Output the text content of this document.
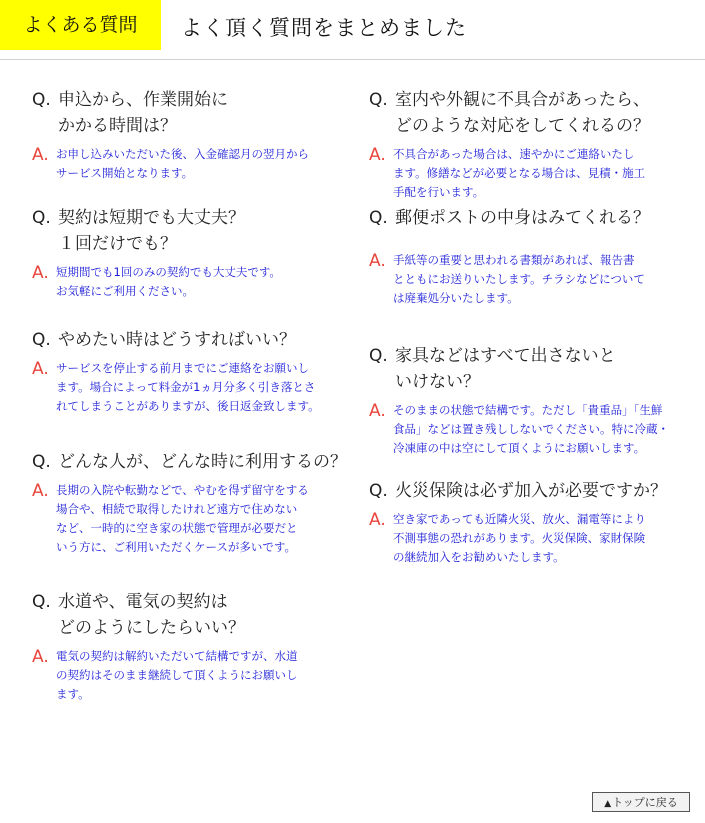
よくある質問	よく頂く質問をまとめました
Q. 申込から、作業開始に
かかる時間は？
A. お申し込みいただいた後、入金確認月の翌月から
サービス開始となります。
Q. 契約は短期でも大丈夫？
１回だけでも？
A. 短期間でも1回のみの契約でも大丈夫です。
お気軽にご利用ください。
Q. やめたい時はどうすればいい？
A. サービスを停止する前月までにご連絡をお願いし
ます。場合によって料金が1ヵ月分多く引き落とさ
れてしまうことがありますが、後日返金致します。
Q. どんな人が、どんな時に利用するの？
A. 長期の入院や転勤などで、やむを得ず留守をする
場合や、相続で取得したけれど遠方で住めない
など、一時的に空き家の状態で管理が必要だと
いう方に、ご利用いただくケースが多いです。
Q. 水道や、電気の契約は
どのようにしたらいい？
A. 電気の契約は解約いただいて結構ですが、水道
の契約はそのまま継続して頂くようにお願いし
ます。
Q. 室内や外観に不具合があったら、
どのような対応をしてくれるの？
A. 不具合があった場合は、速やかにご連絡いたし
ます。修繕などが必要となる場合は、見積・施工
手配を行います。
Q. 郵便ポストの中身はみてくれる？
A. 手紙等の重要と思われる書類があれば、報告書
とともにお送りいたします。チラシなどについて
は廃棄処分いたします。
Q. 家具などはすべて出さないと
いけない？
A. そのままの状態で結構です。ただし「貴重品」「生鮮
食品」などは置き残ししないでください。特に冷蔵・
冷凍庫の中は空にして頂くようにお願いします。
Q. 火災保険は必ず加入が必要ですか？
A. 空き家であっても近隣火災、放火、漏電等により
不測事態の恐れがあります。火災保険、家財保険
の継続加入をお勧めいたします。
▲トップに戻る
